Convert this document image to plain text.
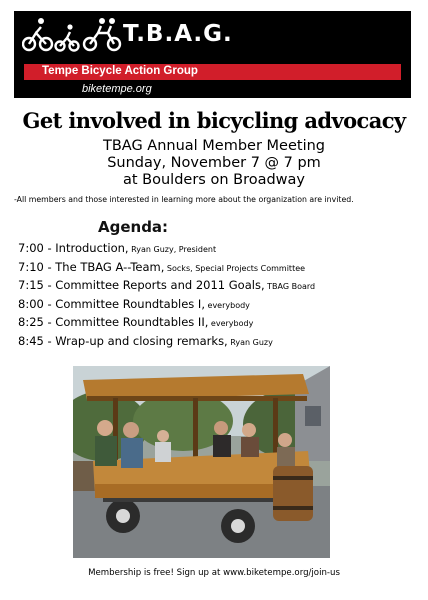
T.B.A.G.
Tempe Bicycle Action Group
biketempe.org
Get involved in bicycling advocacy
TBAG Annual Member Meeting
Sunday, November 7 @ 7 pm
at Boulders on Broadway
-All members and those interested in learning more about the organization are invited.
Agenda:
7:00 - Introduction, Ryan Guzy, President
7:10 - The TBAG A--Team, Socks, Special Projects Committee
7:15 - Committee Reports and 2011 Goals, TBAG Board
8:00 - Committee Roundtables I, everybody
8:25 - Committee Roundtables II, everybody
8:45 - Wrap-up and closing remarks, Ryan Guzy
Membership is free! Sign up at www.biketempe.org/join-us
